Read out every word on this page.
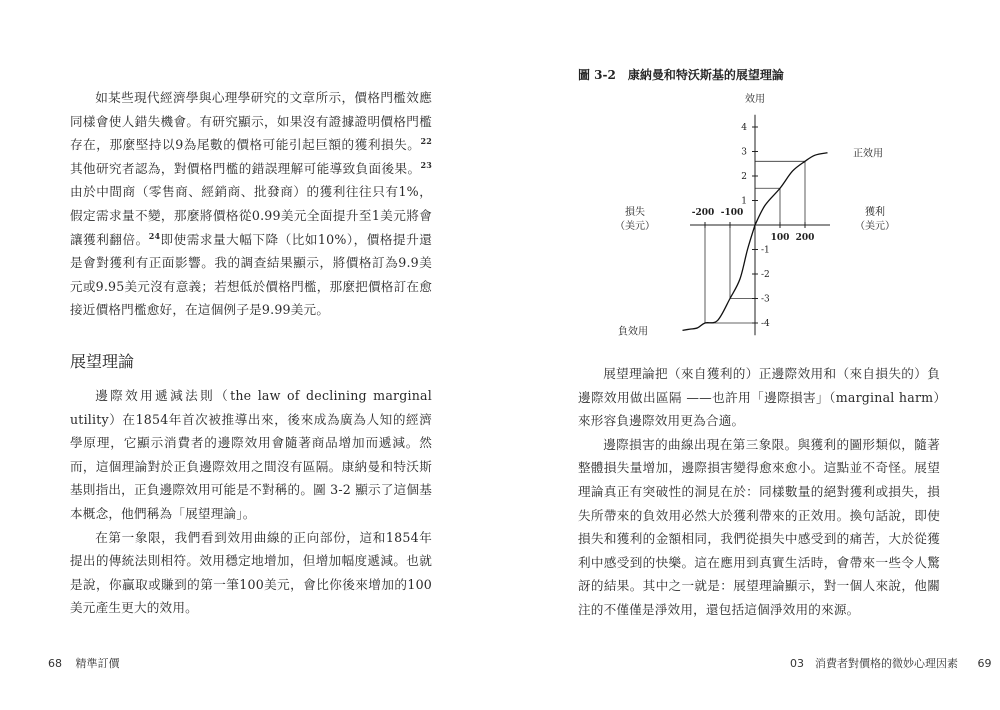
如某些現代經濟學與心理學研究的文章所示，價格門檻效應同樣會使人錯失機會。有研究顯示，如果沒有證據證明價格門檻存在，那麼堅持以9為尾數的價格可能引起巨額的獲利損失。$^{22}$其他研究者認為，對價格門檻的錯誤理解可能導致負面後果。$^{23}$由於中間商（零售商、經銷商、批發商）的獲利往往只有1%，假定需求量不變，那麼將價格從0.99美元全面提升至1美元將會讓獲利翻倍。$^{24}$即使需求量大幅下降（比如10%），價格提升還是會對獲利有正面影響。我的調查結果顯示，將價格訂為9.9美元或9.95美元沒有意義；若想低於價格門檻，那麼把價格訂在愈接近價格門檻愈好，在這個例子是9.99美元。

展望理論

邊際效用遞減法則（the law of declining marginal utility）在1854年首次被推導出來，後來成為廣為人知的經濟學原理，它顯示消費者的邊際效用會隨著商品增加而遞減。然而，這個理論對於正負邊際效用之間沒有區隔。康納曼和特沃斯基則指出，正負邊際效用可能是不對稱的。圖 3-2 顯示了這個基本概念，他們稱為「展望理論」。

在第一象限，我們看到效用曲線的正向部份，這和1854年提出的傳統法則相符。效用穩定地增加，但增加幅度遞減。也就是說，你贏取或賺到的第一筆100美元，會比你後來增加的100美元產生更大的效用。

68 精準訂價
圖 3-2　康納曼和特沃斯基的展望理論
1
2
3
4
-1
-2
-3
-4
-200 -100
100 200
效用
獲利
（美元）
損失
（美元）
正效用
負效用

展望理論把（來自獲利的）正邊際效用和（來自損失的）負邊際效用做出區隔 ——也許用「邊際損害」（marginal harm）來形容負邊際效用更為合適。

邊際損害的曲線出現在第三象限。與獲利的圖形類似，隨著整體損失量增加，邊際損害變得愈來愈小。這點並不奇怪。展望理論真正有突破性的洞見在於：同樣數量的絕對獲利或損失，損失所帶來的負效用必然大於獲利帶來的正效用。換句話說，即使損失和獲利的金額相同，我們從損失中感受到的痛苦，大於從獲利中感受到的快樂。這在應用到真實生活時，會帶來一些令人驚訝的結果。其中之一就是：展望理論顯示，對一個人來說，他關注的不僅僅是淨效用，還包括這個淨效用的來源。

03　消費者對價格的微妙心理因素 69
